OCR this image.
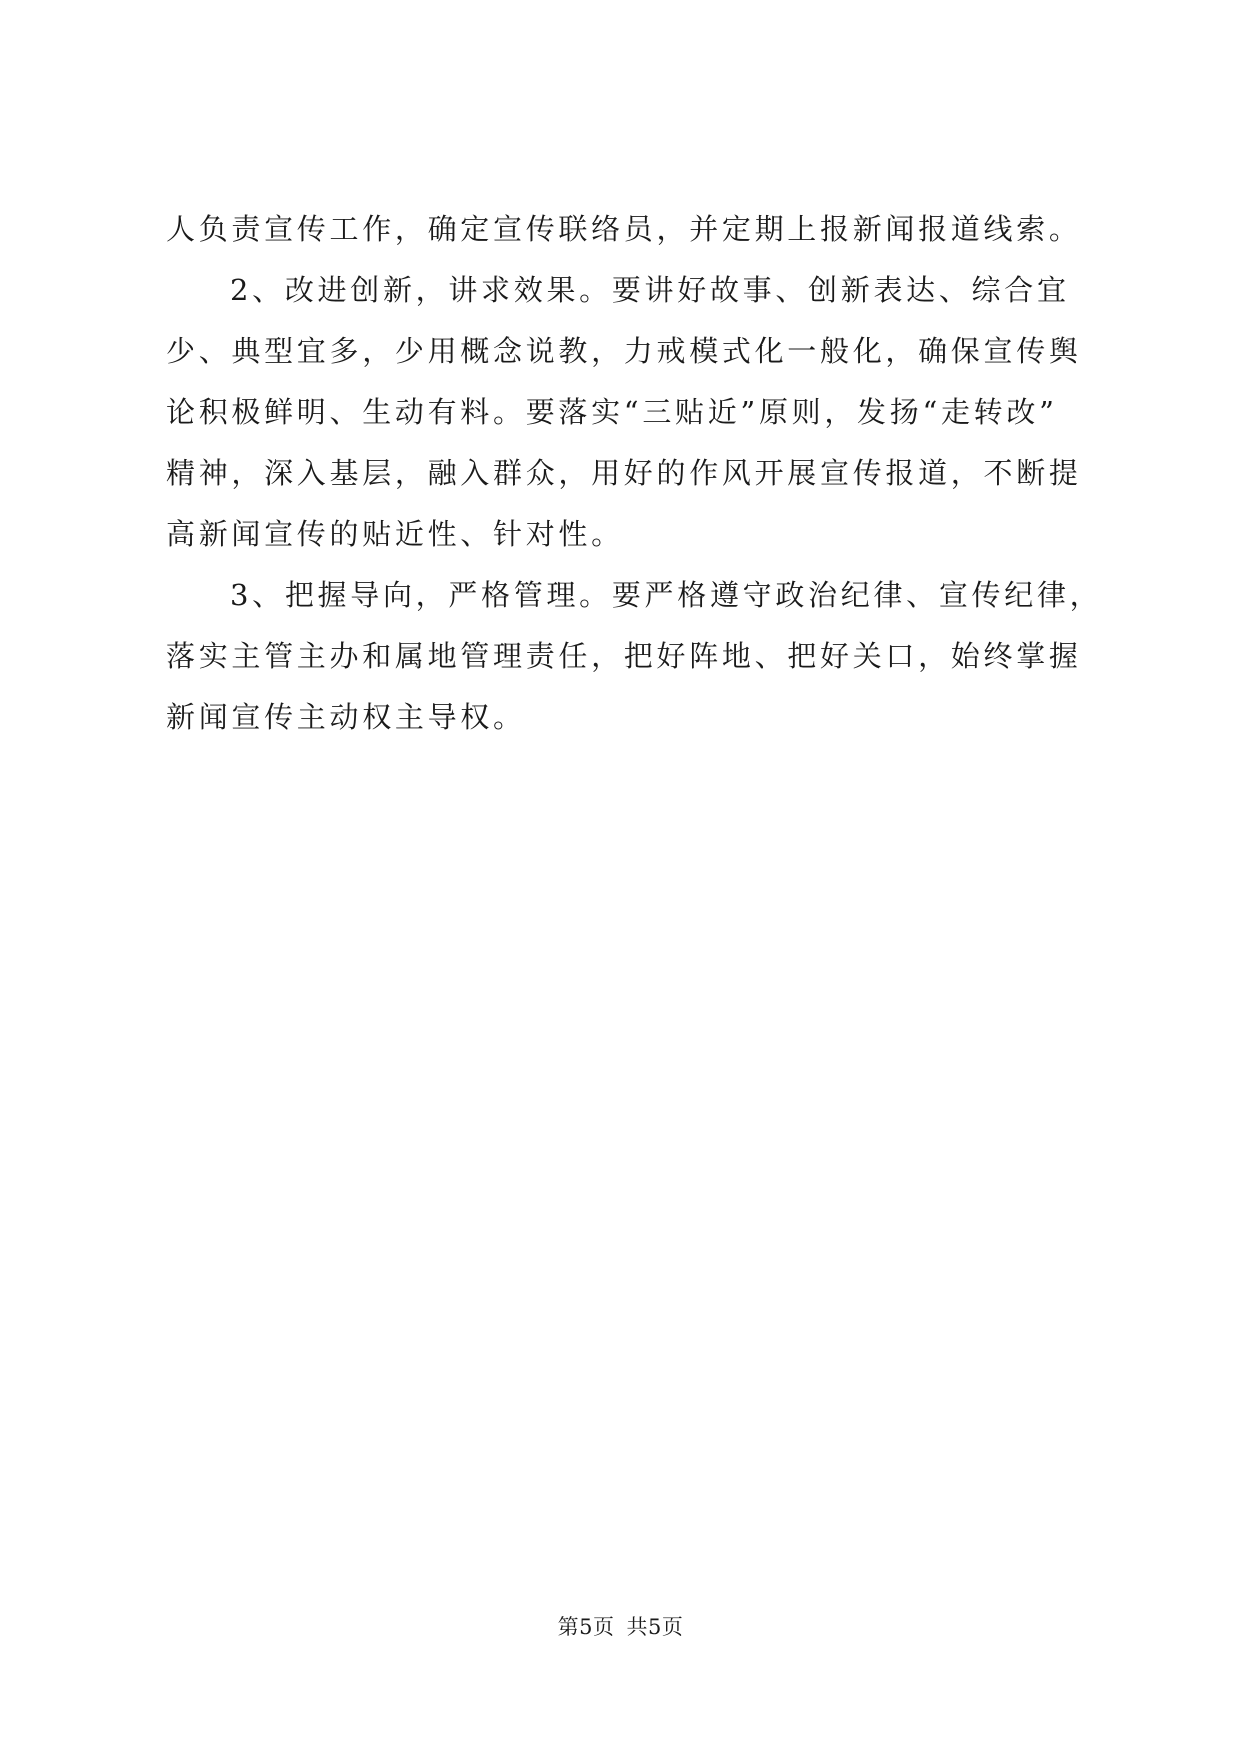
人负责宣传工作，确定宣传联络员，并定期上报新闻报道线索。
2、改进创新，讲求效果。要讲好故事、创新表达、综合宜
少、典型宜多，少用概念说教，力戒模式化一般化，确保宣传舆
论积极鲜明、生动有料。要落实“三贴近”原则，发扬“走转改”
精神，深入基层，融入群众，用好的作风开展宣传报道，不断提
高新闻宣传的贴近性、针对性。
3、把握导向，严格管理。要严格遵守政治纪律、宣传纪律，
落实主管主办和属地管理责任，把好阵地、把好关口，始终掌握
新闻宣传主动权主导权。
第5页 共5页
